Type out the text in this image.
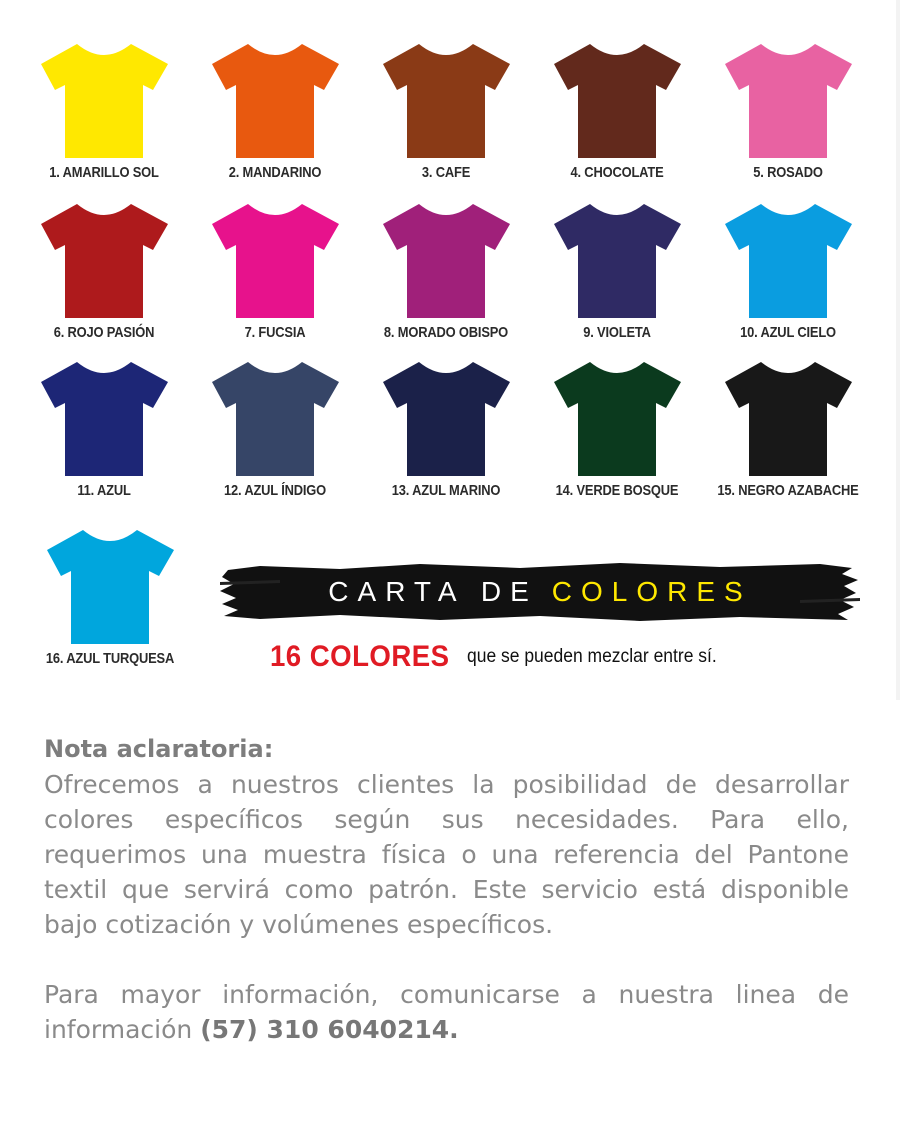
1. AMARILLO SOL	2. MANDARINO	3. CAFE	4. CHOCOLATE	5. ROSADO
6. ROJO PASIÓN	7. FUCSIA	8. MORADO OBISPO	9. VIOLETA	10. AZUL CIELO
11. AZUL	12. AZUL ÍNDIGO	13. AZUL MARINO	14. VERDE BOSQUE	15. NEGRO AZABACHE
16. AZUL TURQUESA
CARTA DE COLORES
16 COLORES que se pueden mezclar entre sí.
Nota aclaratoria:
Ofrecemos a nuestros clientes la posibilidad de desarrollar colores específicos según sus necesidades. Para ello, requerimos una muestra física o una referencia del Pantone textil que servirá como patrón. Este servicio está disponible bajo cotización y volúmenes específicos.
Para mayor información, comunicarse a nuestra linea de información (57) 310 6040214.
